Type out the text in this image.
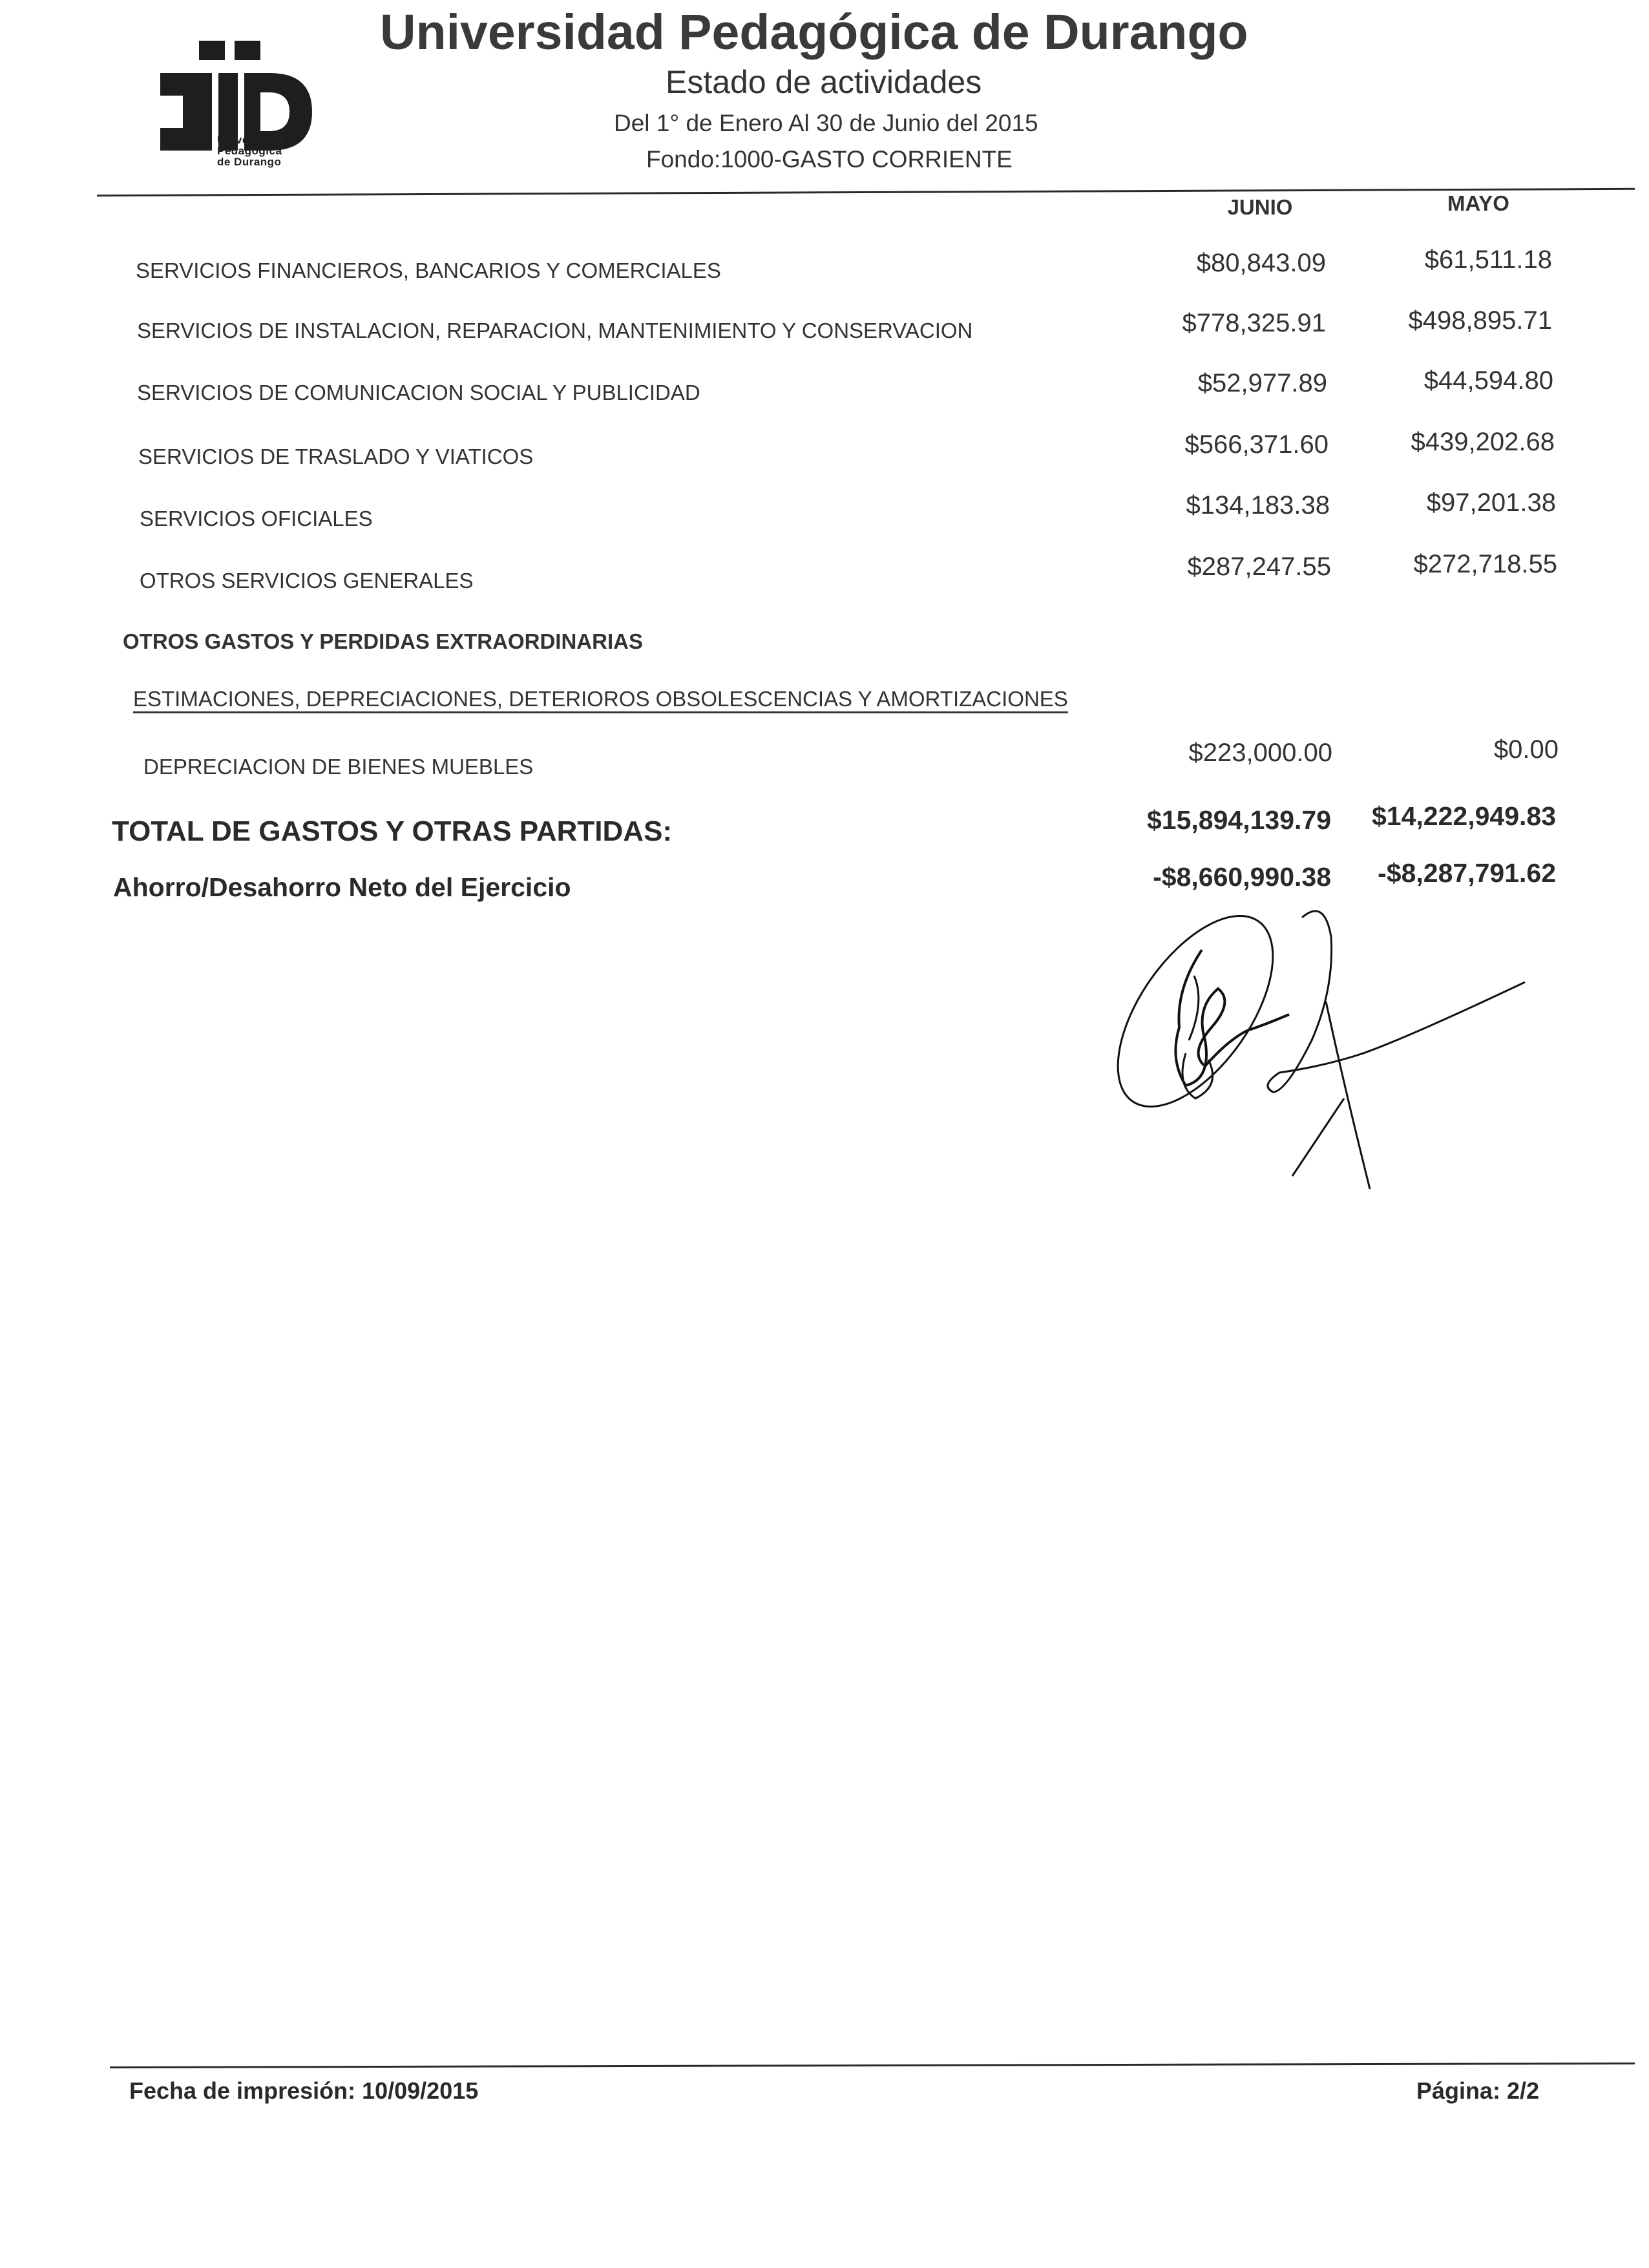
Universidad
Pedagógica
de Durango
Universidad Pedagógica de Durango
Estado de actividades
Del 1° de Enero Al 30 de Junio del 2015
Fondo:1000-GASTO CORRIENTE
JUNIO	MAYO
SERVICIOS FINANCIEROS, BANCARIOS Y COMERCIALES	$80,843.09	$61,511.18
SERVICIOS DE INSTALACION, REPARACION, MANTENIMIENTO Y CONSERVACION	$778,325.91	$498,895.71
SERVICIOS DE COMUNICACION SOCIAL Y PUBLICIDAD	$52,977.89	$44,594.80
SERVICIOS DE TRASLADO Y VIATICOS	$566,371.60	$439,202.68
SERVICIOS OFICIALES	$134,183.38	$97,201.38
OTROS SERVICIOS GENERALES	$287,247.55	$272,718.55
OTROS GASTOS Y PERDIDAS EXTRAORDINARIAS
ESTIMACIONES, DEPRECIACIONES, DETERIOROS OBSOLESCENCIAS Y AMORTIZACIONES
DEPRECIACION DE BIENES MUEBLES	$223,000.00	$0.00
TOTAL DE GASTOS Y OTRAS PARTIDAS:	$15,894,139.79 $14,222,949.83
Ahorro/Desahorro Neto del Ejercicio	-$8,660,990.38 -$8,287,791.62
Fecha de impresión: 10/09/2015	Página: 2/2
